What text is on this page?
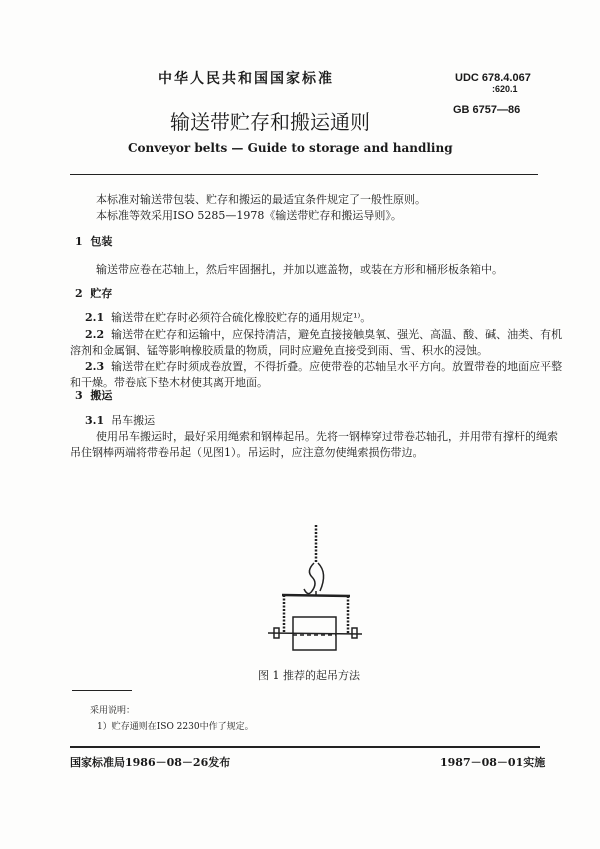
中华人民共和国国家标准	UDC 678.4.067
:620.1
GB 6757—86
输送带贮存和搬运通则
Conveyor belts — Guide to storage and handling
本标准对输送带包装、贮存和搬运的最适宜条件规定了一般性原则。
本标准等效采用ISO 5285—1978《输送带贮存和搬运导则》。
1 包装
输送带应卷在芯轴上，然后牢固捆扎，并加以遮盖物，或装在方形和桶形板条箱中。
2 贮存
2.1 输送带在贮存时必须符合硫化橡胶贮存的通用规定¹⁾。
2.2 输送带在贮存和运输中，应保持清洁，避免直接接触臭氧、强光、高温、酸、碱、油类、有机
溶剂和金属铜、锰等影响橡胶质量的物质，同时应避免直接受到雨、雪、积水的浸蚀。
2.3 输送带在贮存时须成卷放置，不得折叠。应使带卷的芯轴呈水平方向。放置带卷的地面应平整
和干燥。带卷底下垫木材使其离开地面。
3 搬运
3.1 吊车搬运
使用吊车搬运时，最好采用绳索和钢棒起吊。先将一钢棒穿过带卷芯轴孔，并用带有撑杆的绳索
吊住钢棒两端将带卷吊起（见图1）。吊运时，应注意勿使绳索损伤带边。
图 1 推荐的起吊方法
采用说明：
1）贮存通则在ISO 2230中作了规定。
国家标准局1986－08－26发布	1987－08－01实施
